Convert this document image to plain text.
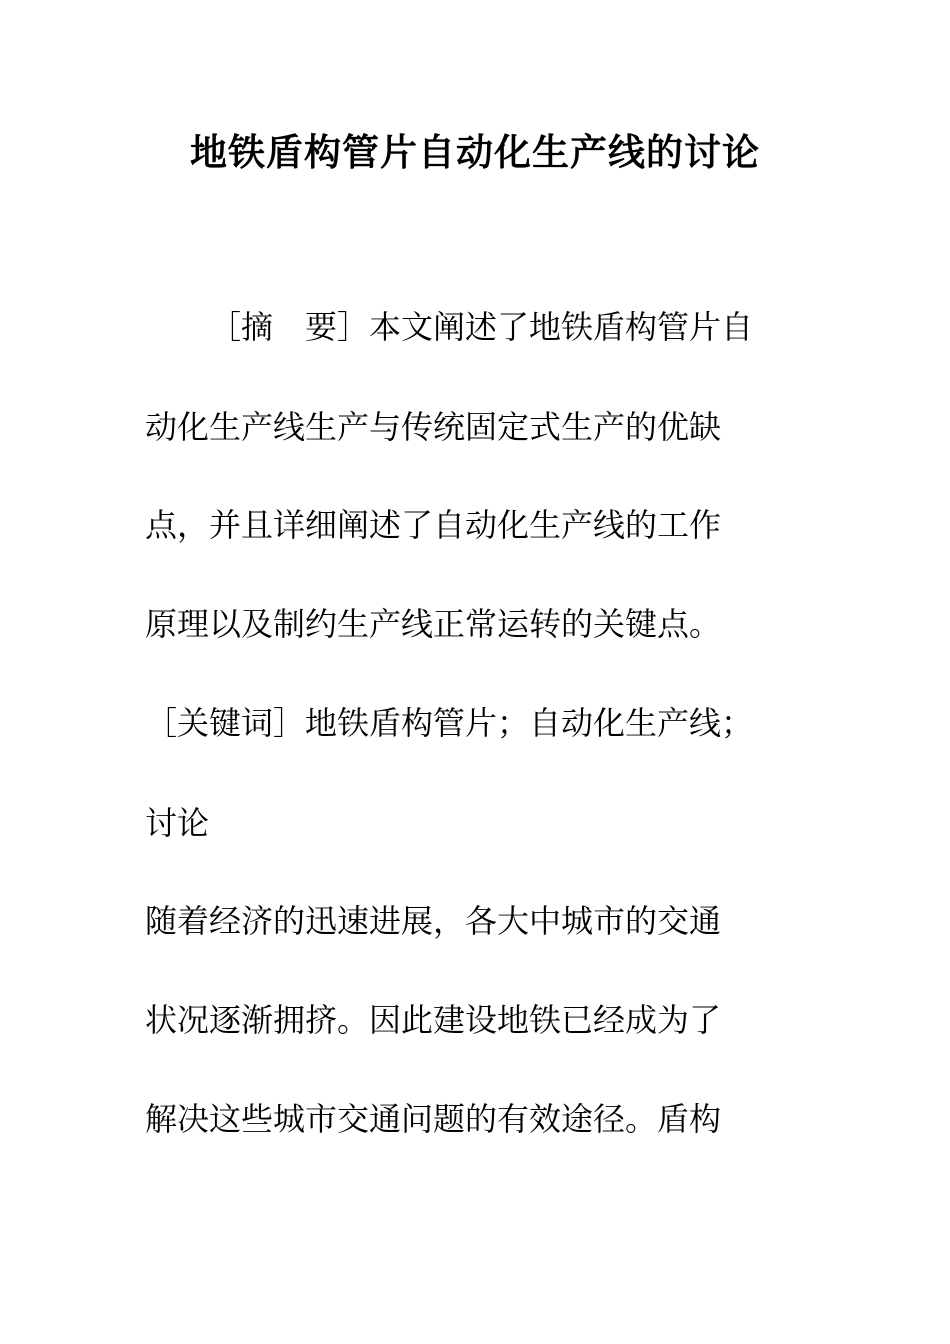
地铁盾构管片自动化生产线的讨论
［摘　要］本文阐述了地铁盾构管片自
动化生产线生产与传统固定式生产的优缺
点，并且详细阐述了自动化生产线的工作
原理以及制约生产线正常运转的关键点。
［关键词］地铁盾构管片；自动化生产线；
讨论
随着经济的迅速进展，各大中城市的交通
状况逐渐拥挤。因此建设地铁已经成为了
解决这些城市交通问题的有效途径。盾构
